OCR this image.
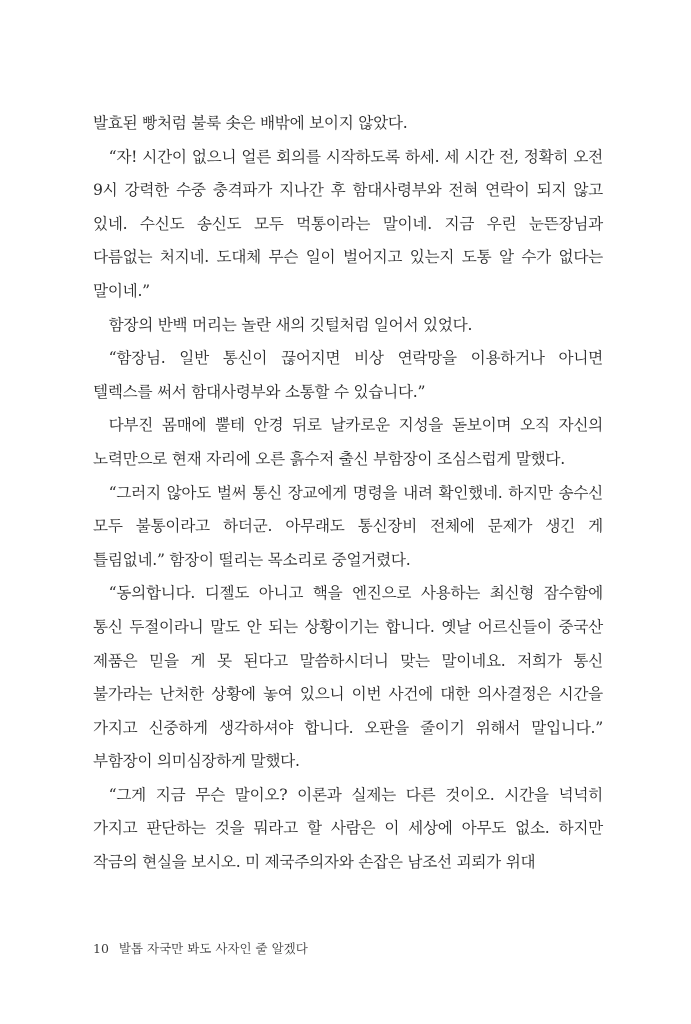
발효된 빵처럼 불룩 솟은 배밖에 보이지 않았다.

“자! 시간이 없으니 얼른 회의를 시작하도록 하세. 세 시간 전, 정확히 오전 9시 강력한 수중 충격파가 지나간 후 함대사령부와 전혀 연락이 되지 않고 있네. 수신도 송신도 모두 먹통이라는 말이네. 지금 우린 눈뜬장님과 다름없는 처지네. 도대체 무슨 일이 벌어지고 있는지 도통 알 수가 없다는 말이네.”

함장의 반백 머리는 놀란 새의 깃털처럼 일어서 있었다.

“함장님. 일반 통신이 끊어지면 비상 연락망을 이용하거나 아니면 텔렉스를 써서 함대사령부와 소통할 수 있습니다.”

다부진 몸매에 뿔테 안경 뒤로 날카로운 지성을 돋보이며 오직 자신의 노력만으로 현재 자리에 오른 흙수저 출신 부함장이 조심스럽게 말했다.

“그러지 않아도 벌써 통신 장교에게 명령을 내려 확인했네. 하지만 송수신 모두 불통이라고 하더군. 아무래도 통신장비 전체에 문제가 생긴 게 틀림없네.” 함장이 떨리는 목소리로 중얼거렸다.

“동의합니다. 디젤도 아니고 핵을 엔진으로 사용하는 최신형 잠수함에 통신 두절이라니 말도 안 되는 상황이기는 합니다. 옛날 어르신들이 중국산 제품은 믿을 게 못 된다고 말씀하시더니 맞는 말이네요. 저희가 통신 불가라는 난처한 상황에 놓여 있으니 이번 사건에 대한 의사결정은 시간을 가지고 신중하게 생각하셔야 합니다. 오판을 줄이기 위해서 말입니다.” 부함장이 의미심장하게 말했다.

“그게 지금 무슨 말이오? 이론과 실제는 다른 것이오. 시간을 넉넉히 가지고 판단하는 것을 뭐라고 할 사람은 이 세상에 아무도 없소. 하지만 작금의 현실을 보시오. 미 제국주의자와 손잡은 남조선 괴뢰가 위대

10 발톱 자국만 봐도 사자인 줄 알겠다
